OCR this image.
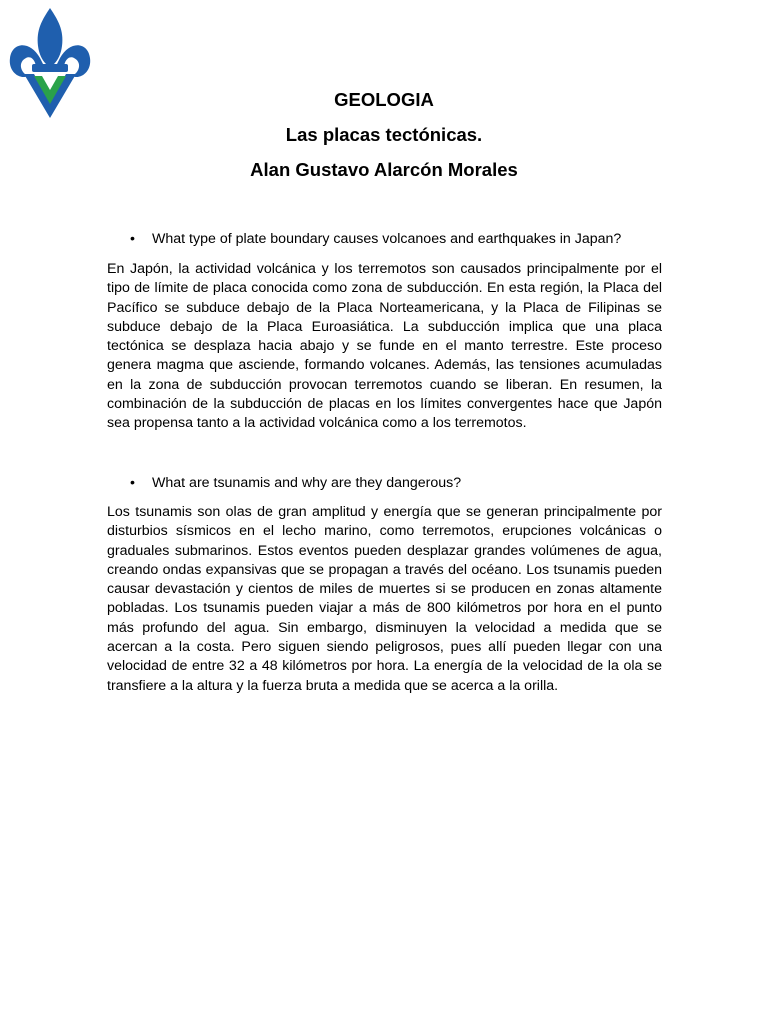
GEOLOGIA

Las placas tectónicas.

Alan Gustavo Alarcón Morales

• What type of plate boundary causes volcanoes and earthquakes in Japan?

En Japón, la actividad volcánica y los terremotos son causados principalmente por el tipo de límite de placa conocida como zona de subducción. En esta región, la Placa del Pacífico se subduce debajo de la Placa Norteamericana, y la Placa de Filipinas se subduce debajo de la Placa Euroasiática. La subducción implica que una placa tectónica se desplaza hacia abajo y se funde en el manto terrestre. Este proceso genera magma que asciende, formando volcanes. Además, las tensiones acumuladas en la zona de subducción provocan terremotos cuando se liberan. En resumen, la combinación de la subducción de placas en los límites convergentes hace que Japón sea propensa tanto a la actividad volcánica como a los terremotos.

• What are tsunamis and why are they dangerous?

Los tsunamis son olas de gran amplitud y energía que se generan principalmente por disturbios sísmicos en el lecho marino, como terremotos, erupciones volcánicas o graduales submarinos. Estos eventos pueden desplazar grandes volúmenes de agua, creando ondas expansivas que se propagan a través del océano. Los tsunamis pueden causar devastación y cientos de miles de muertes si se producen en zonas altamente pobladas. Los tsunamis pueden viajar a más de 800 kilómetros por hora en el punto más profundo del agua. Sin embargo, disminuyen la velocidad a medida que se acercan a la costa. Pero siguen siendo peligrosos, pues allí pueden llegar con una velocidad de entre 32 a 48 kilómetros por hora. La energía de la velocidad de la ola se transfiere a la altura y la fuerza bruta a medida que se acerca a la orilla.
